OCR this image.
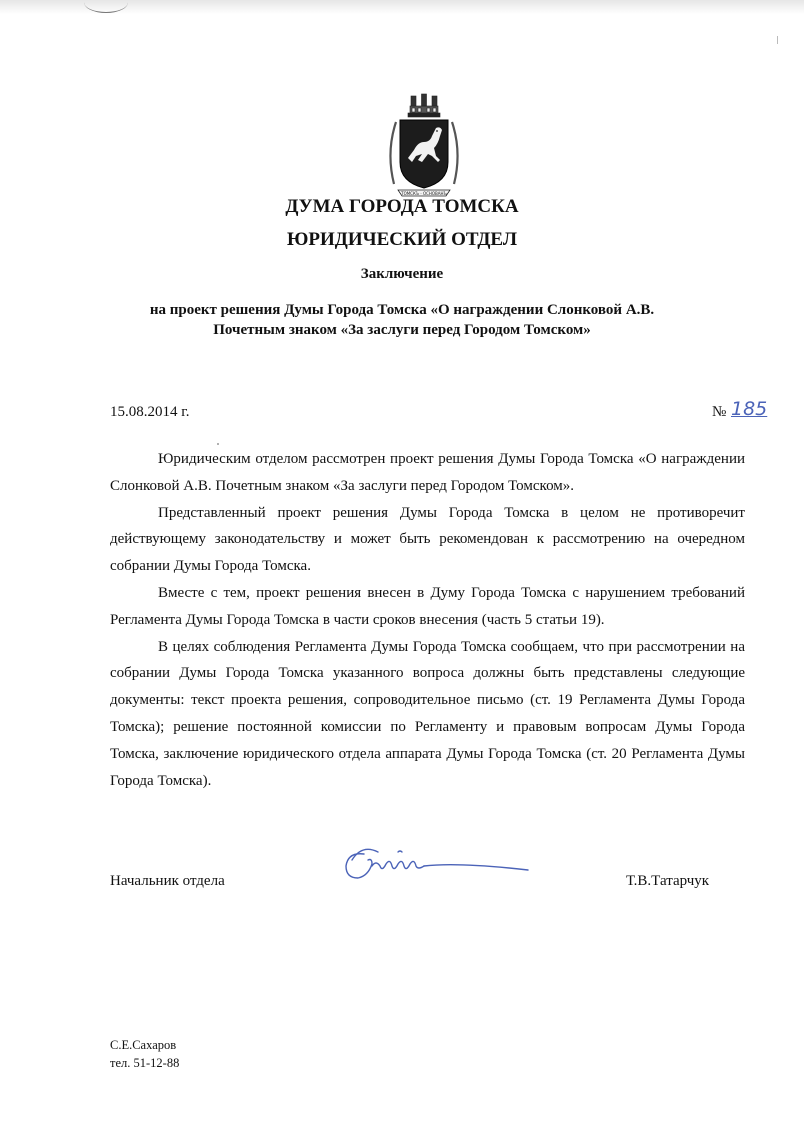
ТОМСКЪ · ОСНОВАНЪ
ДУМА ГОРОДА ТОМСКА
ЮРИДИЧЕСКИЙ ОТДЕЛ
Заключение
на проект решения Думы Города Томска «О награждении Слонковой А.В.
Почетным знаком «За заслуги перед Городом Томском»
15.08.2014 г.	№ 185

Юридическим отделом рассмотрен проект решения Думы Города Томска «О награждении Слонковой А.В. Почетным знаком «За заслуги перед Городом Томском».

Представленный проект решения Думы Города Томска в целом не противоречит действующему законодательству и может быть рекомендован к рассмотрению на очередном собрании Думы Города Томска.

Вместе с тем, проект решения внесен в Думу Города Томска с нарушением требований Регламента Думы Города Томска в части сроков внесения (часть 5 статьи 19).

В целях соблюдения Регламента Думы Города Томска сообщаем, что при рассмотрении на собрании Думы Города Томска указанного вопроса должны быть представлены следующие документы: текст проекта решения, сопроводительное письмо (ст. 19 Регламента Думы Города Томска); решение постоянной комиссии по Регламенту и правовым вопросам Думы Города Томска, заключение юридического отдела аппарата Думы Города Томска (ст. 20 Регламента Думы Города Томска).

Начальник отдела	Т.В.Татарчук
С.Е.Сахаров
тел. 51-12-88
